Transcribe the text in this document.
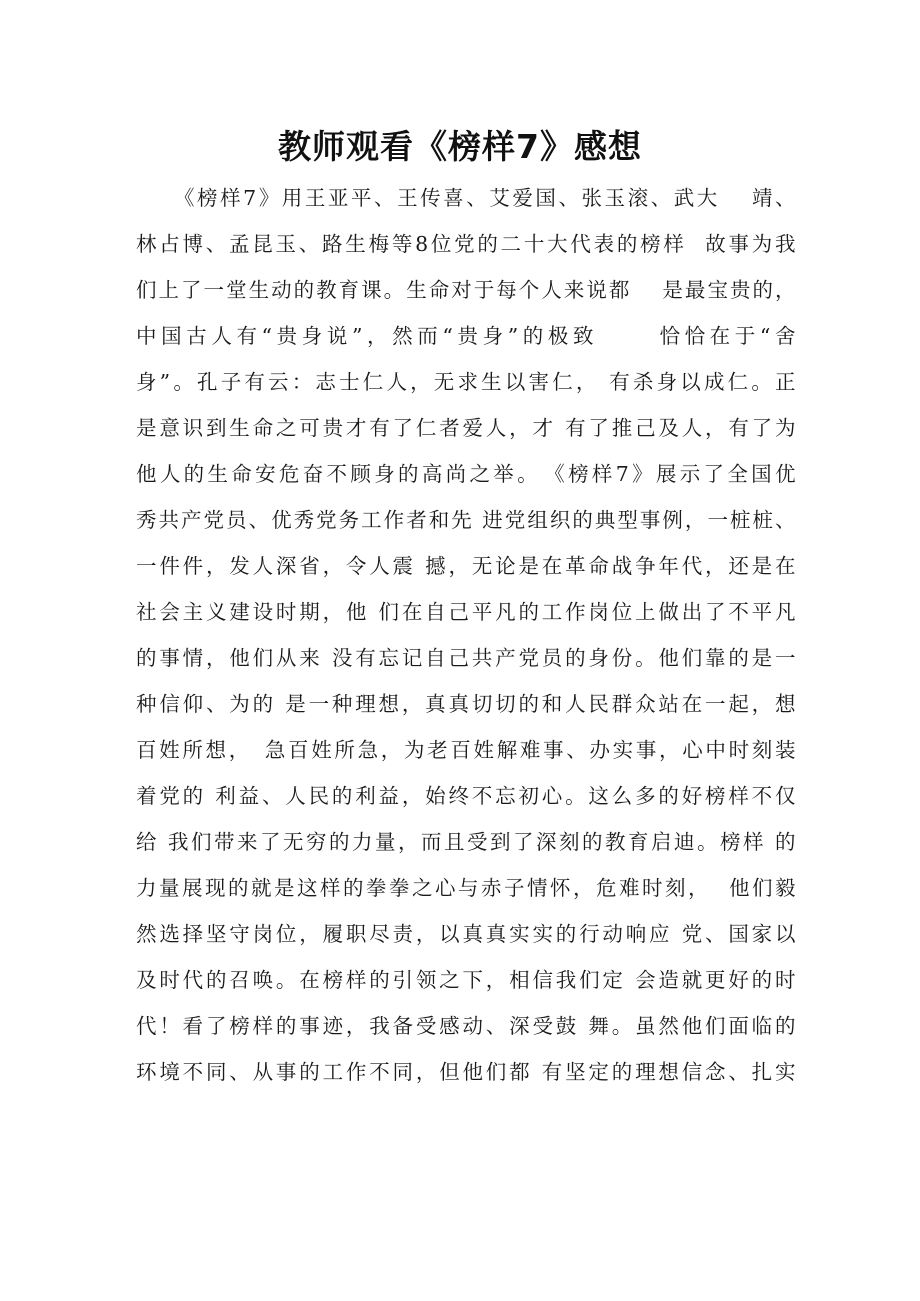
教师观看《榜样7》感想
《榜样7》用王亚平、王传喜、艾爱国、张玉滚、武大　 靖、
林占博、孟昆玉、路生梅等8位党的二十大代表的榜样  故事为我
们上了一堂生动的教育课。生命对于每个人来说都　 是最宝贵的，
中国古人有“贵身说”，然而“贵身”的极致　　 恰恰在于“舍
身”。孔子有云：志士仁人，无求生以害仁， 有杀身以成仁。正
是意识到生命之可贵才有了仁者爱人，才 有了推己及人，有了为
他人的生命安危奋不顾身的高尚之举。　《榜样7》展示了全国优
秀共产党员、优秀党务工作者和先 进党组织的典型事例，一桩桩、
一件件，发人深省，令人震 撼，无论是在革命战争年代，还是在
社会主义建设时期，他 们在自己平凡的工作岗位上做出了不平凡
的事情，他们从来 没有忘记自己共产党员的身份。他们靠的是一
种信仰、为的 是一种理想，真真切切的和人民群众站在一起，想
百姓所想，　急百姓所急，为老百姓解难事、办实事，心中时刻装
着党的 利益、人民的利益，始终不忘初心。这么多的好榜样不仅
给 我们带来了无穷的力量，而且受到了深刻的教育启迪。榜样 的
力量展现的就是这样的拳拳之心与赤子情怀，危难时刻，  他们毅
然选择坚守岗位，履职尽责，以真真实实的行动响应 党、国家以
及时代的召唤。在榜样的引领之下，相信我们定 会造就更好的时
代！看了榜样的事迹，我备受感动、深受鼓 舞。虽然他们面临的
环境不同、从事的工作不同，但他们都 有坚定的理想信念、扎实
